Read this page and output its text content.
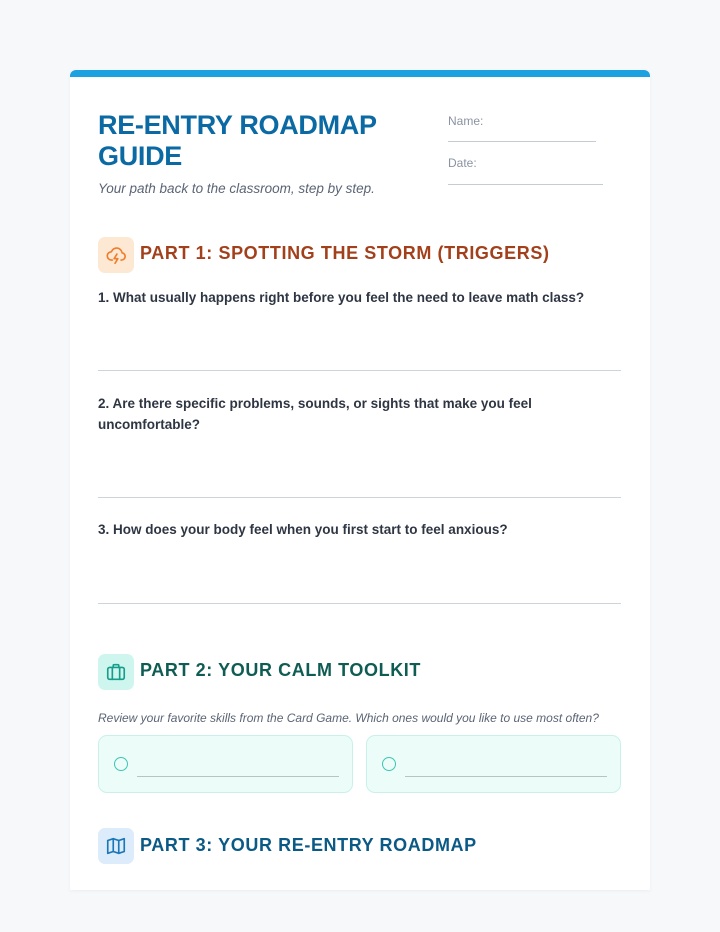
RE-ENTRY ROADMAP GUIDE

Your path back to the classroom, step by step.

Name:
Date:
PART 1: SPOTTING THE STORM (TRIGGERS)

1. What usually happens right before you feel the need to leave math class?

2. Are there specific problems, sounds, or sights that make you feel uncomfortable?

3. How does your body feel when you first start to feel anxious?

PART 2: YOUR CALM TOOLKIT

Review your favorite skills from the Card Game. Which ones would you like to use most often?

PART 3: YOUR RE-ENTRY ROADMAP
